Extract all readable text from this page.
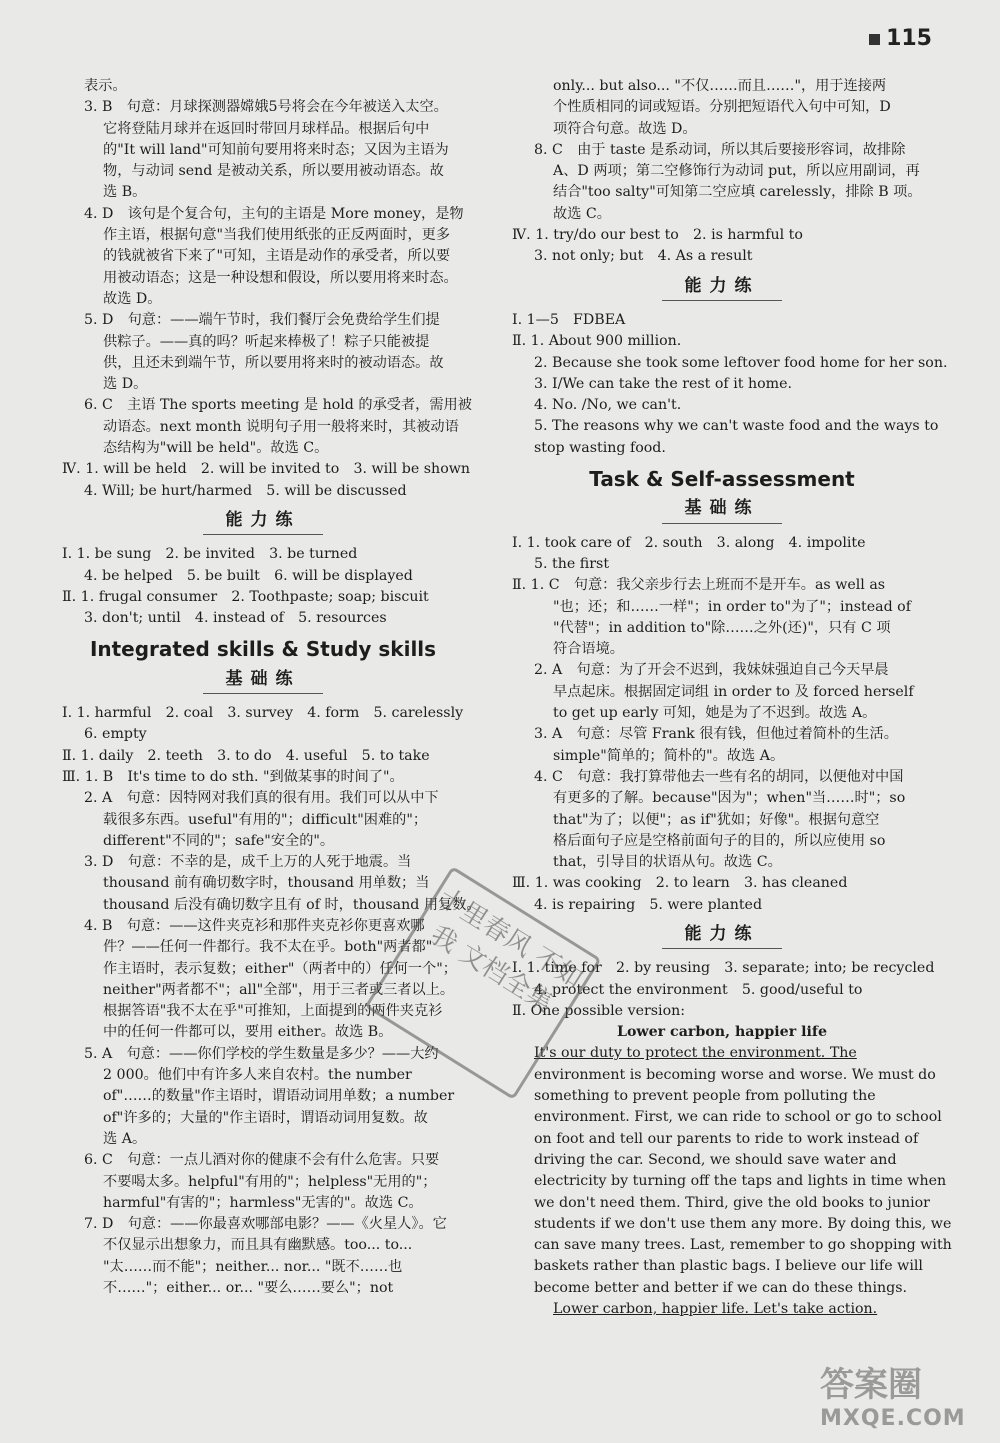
115
表示。
3. B　句意：月球探测器嫦娥5号将会在今年被送入太空。
它将登陆月球并在返回时带回月球样品。根据后句中
的"It will land"可知前句要用将来时态；又因为主语为
物，与动词 send 是被动关系，所以要用被动语态。故
选 B。
4. D　该句是个复合句，主句的主语是 More money，是物
作主语，根据句意"当我们使用纸张的正反两面时，更多
的钱就被省下来了"可知，主语是动作的承受者，所以要
用被动语态；这是一种设想和假设，所以要用将来时态。
故选 D。
5. D　句意：——端午节时，我们餐厅会免费给学生们提
供粽子。——真的吗？听起来棒极了！粽子只能被提
供，且还未到端午节，所以要用将来时的被动语态。故
选 D。
6. C　主语 The sports meeting 是 hold 的承受者，需用被
动语态。next month 说明句子用一般将来时，其被动语
态结构为"will be held"。故选 C。
Ⅳ. 1. will be held　2. will be invited to　3. will be shown
4. Will; be hurt/harmed　5. will be discussed
能力练
Ⅰ. 1. be sung　2. be invited　3. be turned
4. be helped　5. be built　6. will be displayed
Ⅱ. 1. frugal consumer　2. Toothpaste; soap; biscuit
3. don't; until　4. instead of　5. resources
Integrated skills & Study skills
基础练
Ⅰ. 1. harmful　2. coal　3. survey　4. form　5. carelessly
6. empty
Ⅱ. 1. daily　2. teeth　3. to do　4. useful　5. to take
Ⅲ. 1. B　It's time to do sth. "到做某事的时间了"。
2. A　句意：因特网对我们真的很有用。我们可以从中下
载很多东西。useful"有用的"；difficult"困难的"；
different"不同的"；safe"安全的"。
3. D　句意：不幸的是，成千上万的人死于地震。当
thousand 前有确切数字时，thousand 用单数；当
thousand 后没有确切数字且有 of 时，thousand 用复数。
4. B　句意：——这件夹克衫和那件夹克衫你更喜欢哪
件？——任何一件都行。我不太在乎。both"两者都"
作主语时，表示复数；either"（两者中的）任何一个"；
neither"两者都不"；all"全部"，用于三者或三者以上。
根据答语"我不太在乎"可推知，上面提到的两件夹克衫
中的任何一件都可以，要用 either。故选 B。
5. A　句意：——你们学校的学生数量是多少？——大约
2 000。他们中有许多人来自农村。the number
of"……的数量"作主语时，谓语动词用单数；a number
of"许多的；大量的"作主语时，谓语动词用复数。故
选 A。
6. C　句意：一点儿酒对你的健康不会有什么危害。只要
不要喝太多。helpful"有用的"；helpless"无用的"；
harmful"有害的"；harmless"无害的"。故选 C。
7. D　句意：——你最喜欢哪部电影？——《火星人》。它
不仅显示出想象力，而且具有幽默感。too... to...
"太……而不能"；neither... nor... "既不……也
不……"；either... or... "要么……要么"；not
only... but also... "不仅……而且……"，用于连接两
个性质相同的词或短语。分别把短语代入句中可知，D
项符合句意。故选 D。
8. C　由于 taste 是系动词，所以其后要接形容词，故排除
A、D 两项；第二空修饰行为动词 put，所以应用副词，再
结合"too salty"可知第二空应填 carelessly，排除 B 项。
故选 C。
Ⅳ. 1. try/do our best to　2. is harmful to
3. not only; but　4. As a result
能力练
Ⅰ. 1—5　FDBEA
Ⅱ. 1. About 900 million.
2. Because she took some leftover food home for her son.
3. I/We can take the rest of it home.
4. No. /No, we can't.
5. The reasons why we can't waste food and the ways to
stop wasting food.
Task & Self-assessment
基础练
Ⅰ. 1. took care of　2. south　3. along　4. impolite
5. the first
Ⅱ. 1. C　句意：我父亲步行去上班而不是开车。as well as
"也；还；和……一样"；in order to"为了"；instead of
"代替"；in addition to"除……之外(还)"，只有 C 项
符合语境。
2. A　句意：为了开会不迟到，我妹妹强迫自己今天早晨
早点起床。根据固定词组 in order to 及 forced herself
to get up early 可知，她是为了不迟到。故选 A。
3. A　句意：尽管 Frank 很有钱，但他过着简朴的生活。
simple"简单的；简朴的"。故选 A。
4. C　句意：我打算带他去一些有名的胡同，以便他对中国
有更多的了解。because"因为"；when"当……时"；so
that"为了；以便"；as if"犹如；好像"。根据句意空
格后面句子应是空格前面句子的目的，所以应使用 so
that，引导目的状语从句。故选 C。
Ⅲ. 1. was cooking　2. to learn　3. has cleaned
4. is repairing　5. were planted
能力练
Ⅰ. 1. time for　2. by reusing　3. separate; into; be recycled
4. protect the environment　5. good/useful to
Ⅱ. One possible version:
Lower carbon, happier life
It's our duty to protect the environment. The
environment is becoming worse and worse. We must do
something to prevent people from polluting the
environment. First, we can ride to school or go to school
on foot and tell our parents to ride to work instead of
driving the car. Second, we should save water and
electricity by turning off the taps and lights in time when
we don't need them. Third, give the old books to junior
students if we don't use them any more. By doing this, we
can save many trees. Last, remember to go shopping with
baskets rather than plastic bags. I believe our life will
become better and better if we can do these things.
Lower carbon, happier life. Let's take action.
十里春风 不如我 文档全集
答案圈
MXQE.COM
